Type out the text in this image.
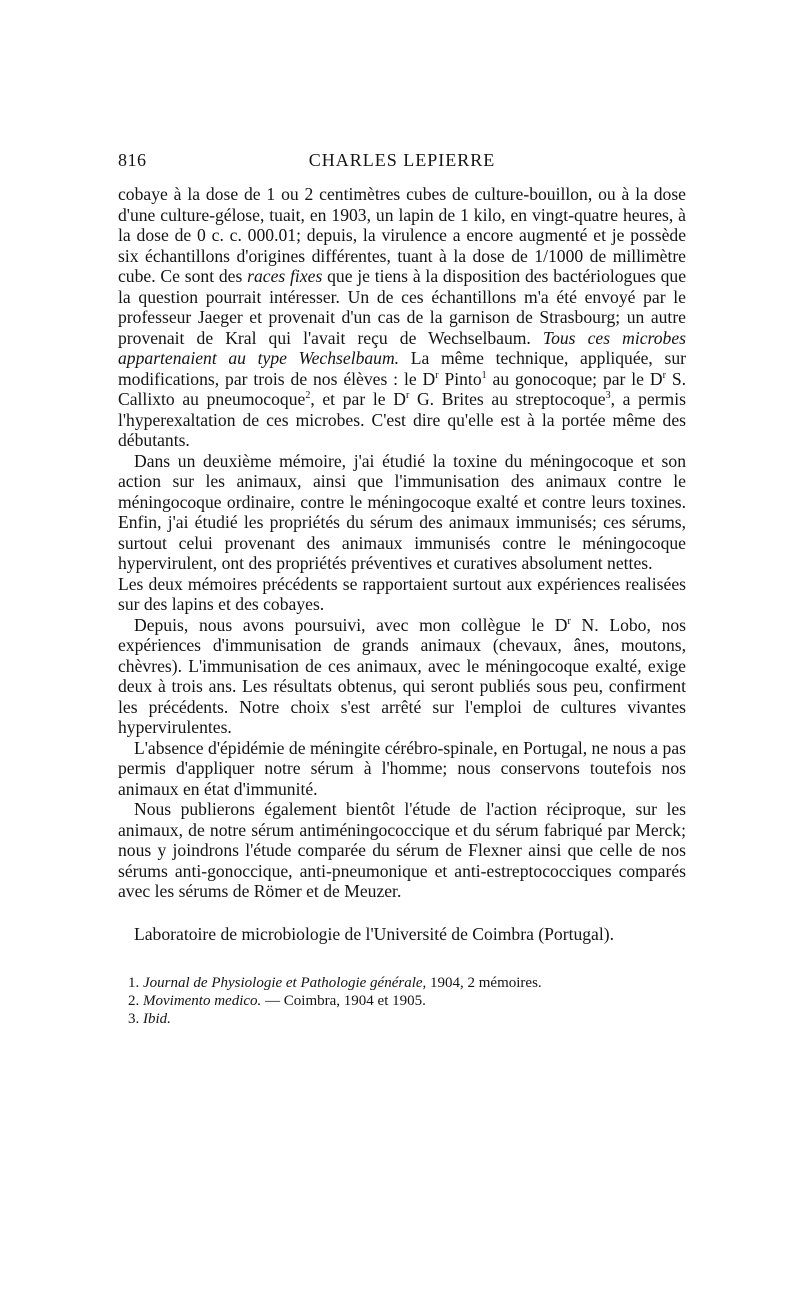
816	CHARLES LEPIERRE

cobaye à la dose de 1 ou 2 centimètres cubes de culture-bouillon, ou à la dose d'une culture-gélose, tuait, en 1903, un lapin de 1 kilo, en vingt-quatre heures, à la dose de 0 c. c. 000.01; depuis, la virulence a encore augmenté et je possède six échantillons d'origines différentes, tuant à la dose de 1/1000 de millimètre cube. Ce sont des races fixes que je tiens à la disposition des bactériologues que la question pourrait intéresser. Un de ces échantillons m'a été envoyé par le professeur Jaeger et provenait d'un cas de la garnison de Strasbourg; un autre provenait de Kral qui l'avait reçu de Wechselbaum. Tous ces microbes appartenaient au type Wechselbaum. La même technique, appliquée, sur modifications, par trois de nos élèves : le $D^r$ Pinto$^1$ au gonocoque; par le $D^r$ S. Callixto au pneumocoque$^2$, et par le $D^r$ G. Brites au streptocoque$^3$, a permis l'hyperexaltation de ces microbes. C'est dire qu'elle est à la portée même des débutants.

Dans un deuxième mémoire, j'ai étudié la toxine du méningocoque et son action sur les animaux, ainsi que l'immunisation des animaux contre le méningocoque ordinaire, contre le méningocoque exalté et contre leurs toxines. Enfin, j'ai étudié les propriétés du sérum des animaux immunisés; ces sérums, surtout celui provenant des animaux immunisés contre le méningocoque hypervirulent, ont des propriétés préventives et curatives absolument nettes.

Les deux mémoires précédents se rapportaient surtout aux expériences realisées sur des lapins et des cobayes.

Depuis, nous avons poursuivi, avec mon collègue le $D^r$ N. Lobo, nos expériences d'immunisation de grands animaux (chevaux, ânes, moutons, chèvres). L'immunisation de ces animaux, avec le méningocoque exalté, exige deux à trois ans. Les résultats obtenus, qui seront publiés sous peu, confirment les précédents. Notre choix s'est arrêté sur l'emploi de cultures vivantes hypervirulentes.

L'absence d'épidémie de méningite cérébro-spinale, en Portugal, ne nous a pas permis d'appliquer notre sérum à l'homme; nous conservons toutefois nos animaux en état d'immunité.

Nous publierons également bientôt l'étude de l'action réciproque, sur les animaux, de notre sérum antiméningococcique et du sérum fabriqué par Merck; nous y joindrons l'étude comparée du sérum de Flexner ainsi que celle de nos sérums anti-gonoccique, anti-pneumonique et anti-estreptococciques comparés avec les sérums de Römer et de Meuzer.

Laboratoire de microbiologie de l'Université de Coimbra (Portugal).

1. Journal de Physiologie et Pathologie générale, 1904, 2 mémoires.

2. Movimento medico. — Coimbra, 1904 et 1905.

3. Ibid.
